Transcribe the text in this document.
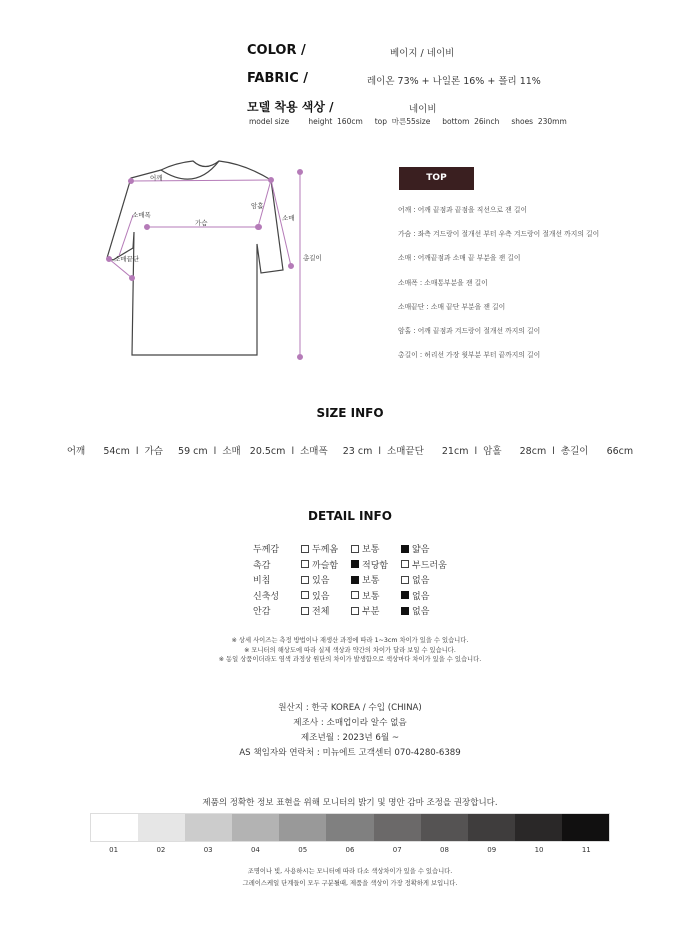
COLOR /	베이지 / 네이비
FABRIC /	레이온 73% + 나일론 16% + 폴리 11%
모델 착용 색상 /	네이비
model size        height  160cm     top  마른55size     bottom  26inch     shoes  230mm
어깨
소매폭
가슴
암홀
소매
소매끝단	총길이
TOP
어깨 : 어깨 끝점과 끝점을 직선으로 잰 길이
가슴 : 좌측 겨드랑이 절개선 부터 우측 겨드랑이 절개선 까지의 길이
소매 : 어깨끝점과 소매 끝 부분을 잰 길이
소매폭 : 소매통부분을 잰 길이
소매끝단 : 소매 끝단 부분을 잰 길이
암홀 : 어깨 끝점과 겨드랑이 절개선 까지의 길이
총길이 : 허리선 가장 윗부분 부터 끝까지의 길이
SIZE INFO
어깨      54cm  l  가슴     59 cm  l  소매   20.5cm  l  소매폭     23 cm  l  소매끝단      21cm  l  암홀      28cm  l  총길이      66cm
DETAIL INFO
두께감	두께옴	보통	얇음
촉감	까슬함	적당함	부드러움
비침	있음	보통	없음
신축성	있음	보통	없음
안감	전체	부분	없음
※ 상세 사이즈는 측정 방법이나 재생산 과정에 따라 1~3cm 차이가 있을 수 있습니다.
※ 모니터의 해상도에 따라 실제 색상과 약간의 차이가 달라 보일 수 있습니다.
※ 동일 상품이더라도 염색 과정상 원단의 차이가 발생함으로 색상마다 차이가 있을 수 있습니다.
원산지 : 한국 KOREA / 수입 (CHINA)
제조사 : 소매업이라 알수 없음
제조년월 : 2023년 6월 ~
AS 책임자와 연락처 : 미뉴에트 고객센터 070-4280-6389
제품의 정확한 정보 표현을 위해 모니터의 밝기 및 명안 감마 조정을 권장합니다.
01	02	03	04	05	06	07	08	09	10	11
조명이나 빛, 사용하시는 모니터에 따라 다소 색상차이가 있을 수 있습니다.
그레이스케일 단계들이 모두 구분될때, 제품을 색상이 가장 정확하게 보입니다.
